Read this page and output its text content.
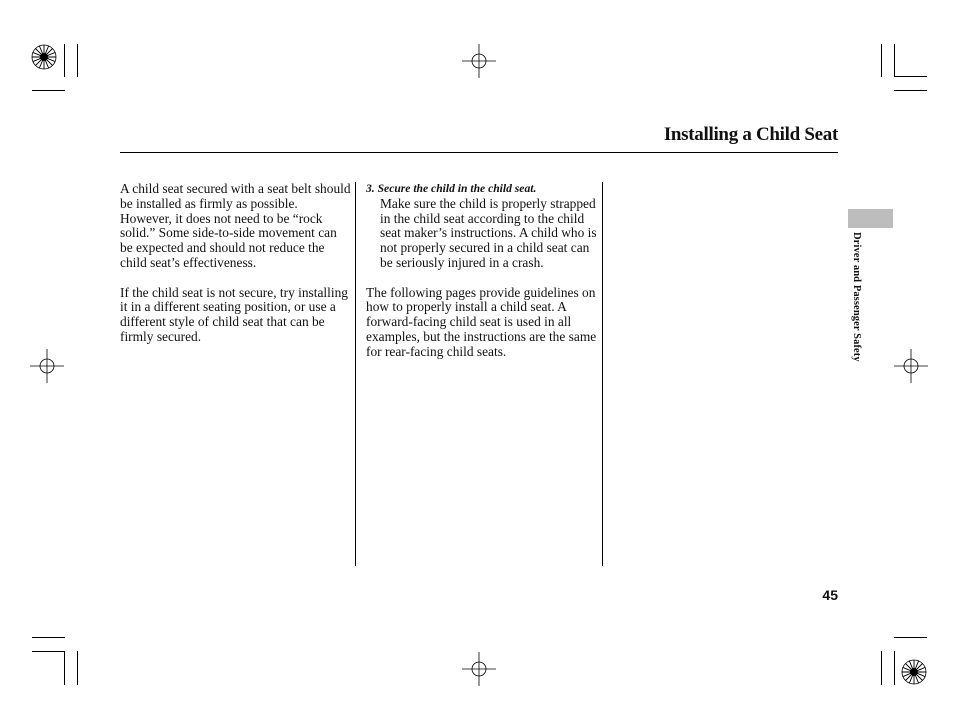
Installing a Child Seat

A child seat secured with a seat belt should be installed as firmly as possible. However, it does not need to be “rock solid.” Some side-to-side movement can be expected and should not reduce the child seat’s effectiveness.

If the child seat is not secure, try installing it in a different seating position, or use a different style of child seat that can be firmly secured.

3. Secure the child in the child seat.

Make sure the child is properly strapped in the child seat according to the child seat maker’s instructions. A child who is not properly secured in a child seat can be seriously injured in a crash.

The following pages provide guidelines on how to properly install a child seat. A forward-facing child seat is used in all examples, but the instructions are the same for rear-facing child seats.	Driver and Passenger Safety
45
